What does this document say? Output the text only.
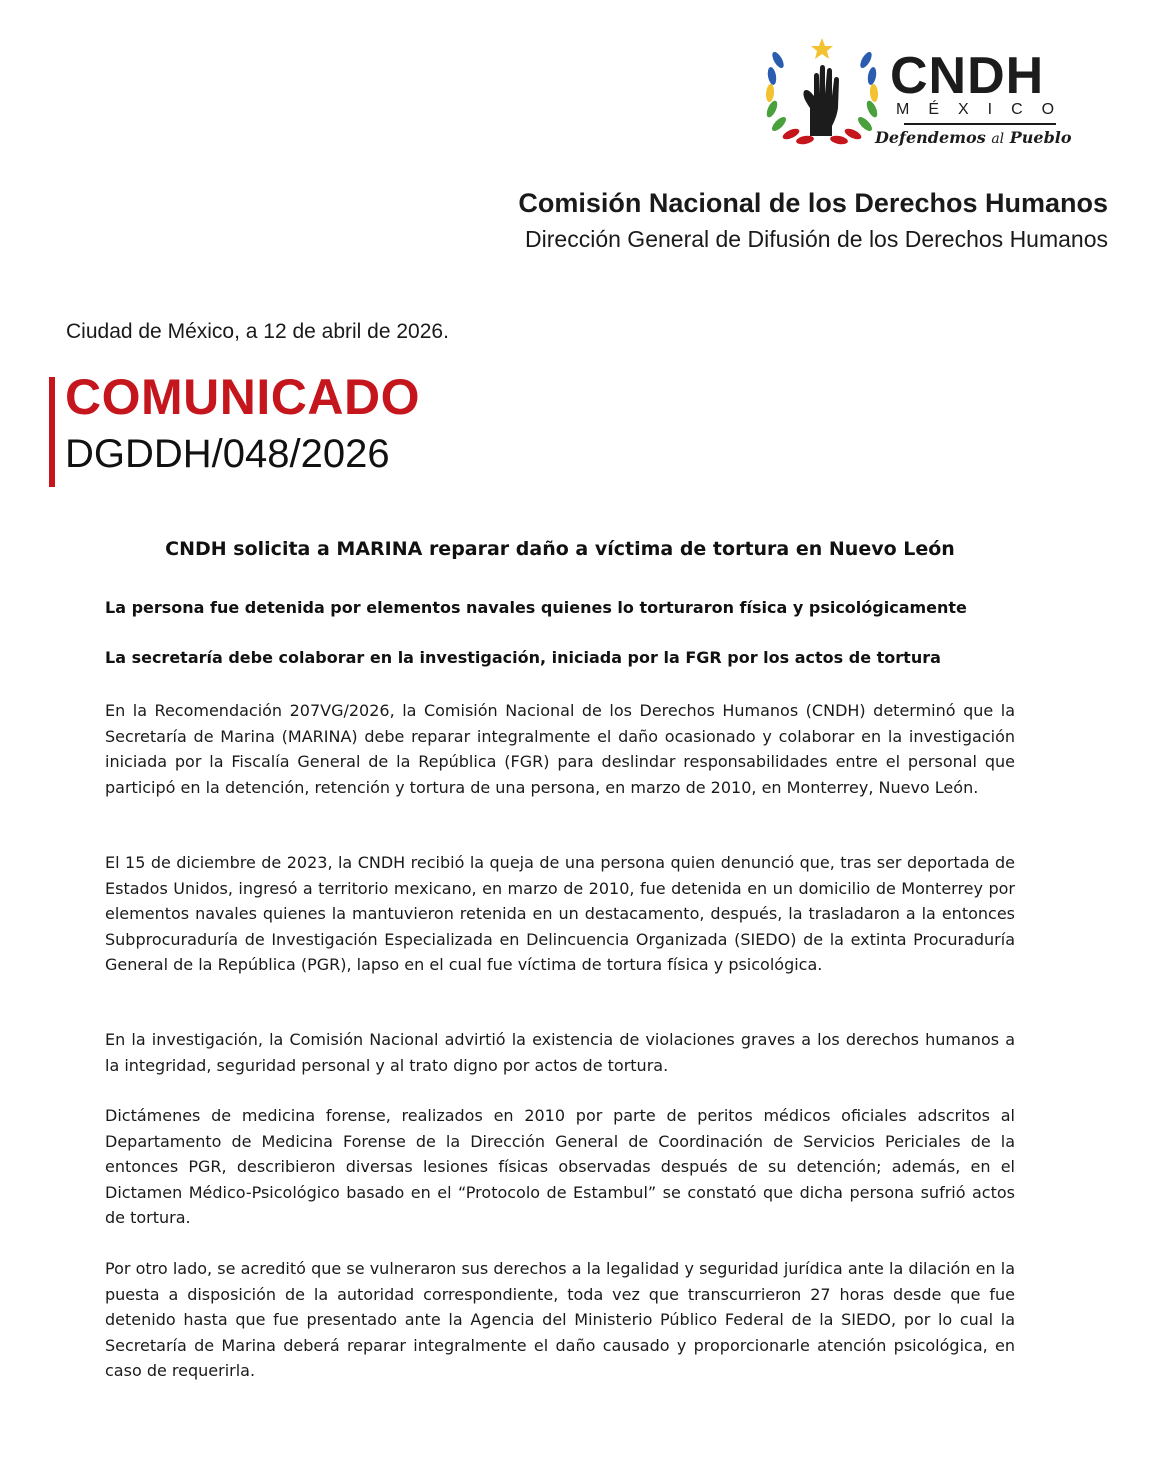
CNDH
MÉXICO
Defendemos al Pueblo
Comisión Nacional de los Derechos Humanos
Dirección General de Difusión de los Derechos Humanos
Ciudad de México, a 12 de abril de 2026.
COMUNICADO
DGDDH/048/2026
CNDH solicita a MARINA reparar daño a víctima de tortura en Nuevo León
La persona fue detenida por elementos navales quienes lo torturaron física y psicológicamente
La secretaría debe colaborar en la investigación, iniciada por la FGR por los actos de tortura

En la Recomendación 207VG/2026, la Comisión Nacional de los Derechos Humanos (CNDH) determinó que la Secretaría de Marina (MARINA) debe reparar integralmente el daño ocasionado y colaborar en la investigación iniciada por la Fiscalía General de la República (FGR) para deslindar responsabilidades entre el personal que participó en la detención, retención y tortura de una persona, en marzo de 2010, en Monterrey, Nuevo León.

El 15 de diciembre de 2023, la CNDH recibió la queja de una persona quien denunció que, tras ser deportada de Estados Unidos, ingresó a territorio mexicano, en marzo de 2010, fue detenida en un domicilio de Monterrey por elementos navales quienes la mantuvieron retenida en un destacamento, después, la trasladaron a la entonces Subprocuraduría de Investigación Especializada en Delincuencia Organizada (SIEDO) de la extinta Procuraduría General de la República (PGR), lapso en el cual fue víctima de tortura física y psicológica.

En la investigación, la Comisión Nacional advirtió la existencia de violaciones graves a los derechos humanos a la integridad, seguridad personal y al trato digno por actos de tortura.

Dictámenes de medicina forense, realizados en 2010 por parte de peritos médicos oficiales adscritos al Departamento de Medicina Forense de la Dirección General de Coordinación de Servicios Periciales de la entonces PGR, describieron diversas lesiones físicas observadas después de su detención; además, en el Dictamen Médico-Psicológico basado en el “Protocolo de Estambul” se constató que dicha persona sufrió actos de tortura.

Por otro lado, se acreditó que se vulneraron sus derechos a la legalidad y seguridad jurídica ante la dilación en la puesta a disposición de la autoridad correspondiente, toda vez que transcurrieron 27 horas desde que fue detenido hasta que fue presentado ante la Agencia del Ministerio Público Federal de la SIEDO, por lo cual la Secretaría de Marina deberá reparar integralmente el daño causado y proporcionarle atención psicológica, en caso de requerirla.
